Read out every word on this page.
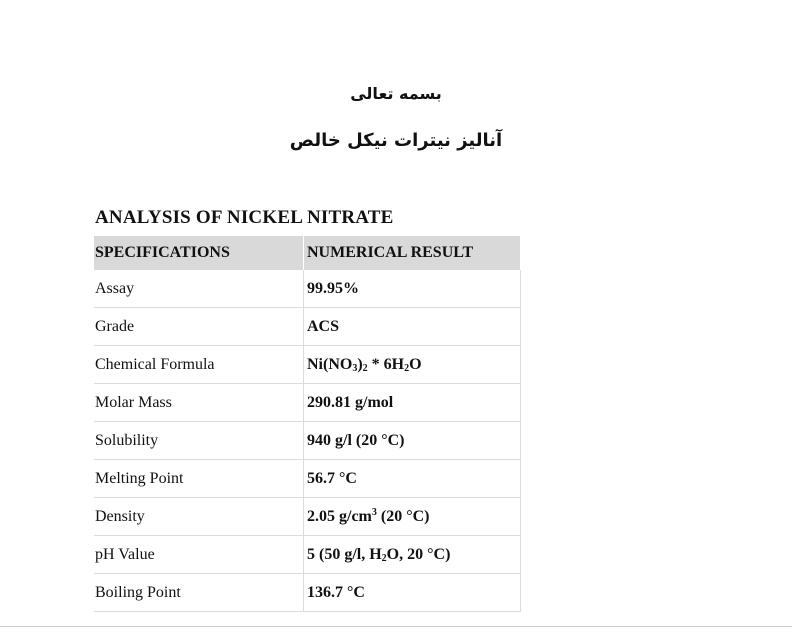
بسمه تعالی
آنالیز نیترات نیکل خالص
ANALYSIS OF NICKEL NITRATE
SPECIFICATIONS	NUMERICAL RESULT
Assay	99.95%
Grade	ACS
Chemical Formula	$Ni(NO_3)_2 * 6H_2O$
Molar Mass	290.81 g/mol
Solubility	940 g/l (20 °C)
Melting Point	56.7 °C
Density	2.05 $g/cm^3$ (20 °C)
pH Value	5 (50 g/l, $H_2O$, 20 °C)
Boiling Point	136.7 °C
